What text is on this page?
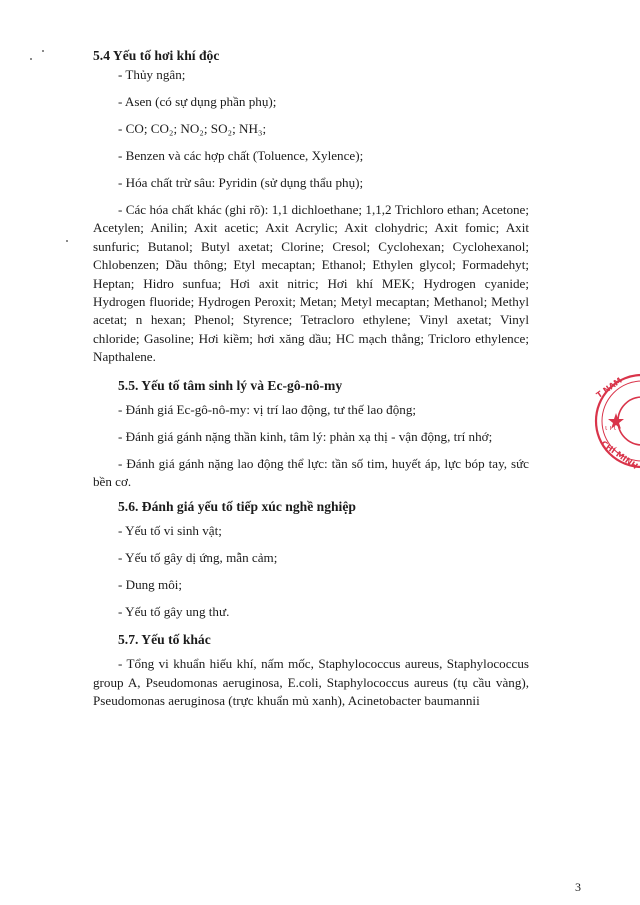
5.4 Yếu tố hơi khí độc

- Thủy ngân;

- Asen (có sự dụng phần phụ);

- CO; CO₂; NO₂; SO₂; NH₃;

- Benzen và các hợp chất (Toluence, Xylence);

- Hóa chất trừ sâu: Pyridin (sử dụng thẩu phụ);

- Các hóa chất khác (ghi rõ): 1,1 dichloethane; 1,1,2 Trichloro ethan; Acetone; Acetylen; Anilin; Axit acetic; Axit Acrylic; Axit clohydric; Axit fomic; Axit sunfuric; Butanol; Butyl axetat; Clorine; Cresol; Cyclohexan; Cyclohexanol; Chlobenzen; Dầu thông; Etyl mecaptan; Ethanol; Ethylen glycol; Formadehyt; Heptan; Hidro sunfua; Hơi axit nitric; Hơi khí MEK; Hydrogen cyanide; Hydrogen fluoride; Hydrogen Peroxit; Metan; Metyl mecaptan; Methanol; Methyl acetat; n hexan; Phenol; Styrence; Tetracloro ethylene; Vinyl axetat; Vinyl chloride; Gasoline; Hơi kiềm; hơi xăng dầu; HC mạch thẳng; Tricloro ethylence; Napthalene.

5.5. Yếu tố tâm sinh lý và Ec-gô-nô-my

- Đánh giá Ec-gô-nô-my: vị trí lao động, tư thế lao động;

- Đánh giá gánh nặng thần kinh, tâm lý: phản xạ thị - vận động, trí nhớ;

- Đánh giá gánh nặng lao động thể lực: tần số tim, huyết áp, lực bóp tay, sức bền cơ.

5.6. Đánh giá yếu tố tiếp xúc nghề nghiệp

- Yếu tố vi sinh vật;

- Yếu tố gây dị ứng, mẫn cảm;

- Dung môi;

- Yếu tố gây ung thư.

5.7. Yếu tố khác

- Tổng vi khuẩn hiếu khí, nấm mốc, Staphylococcus aureus, Staphylococcus group A, Pseudomonas aeruginosa, E.coli, Staphylococcus aureus (tụ cầu vàng), Pseudomonas aeruginosa (trực khuẩn mủ xanh), Acinetobacter baumannii

T NAM
CHÍ MINH
ɩ ı ɩ
3
